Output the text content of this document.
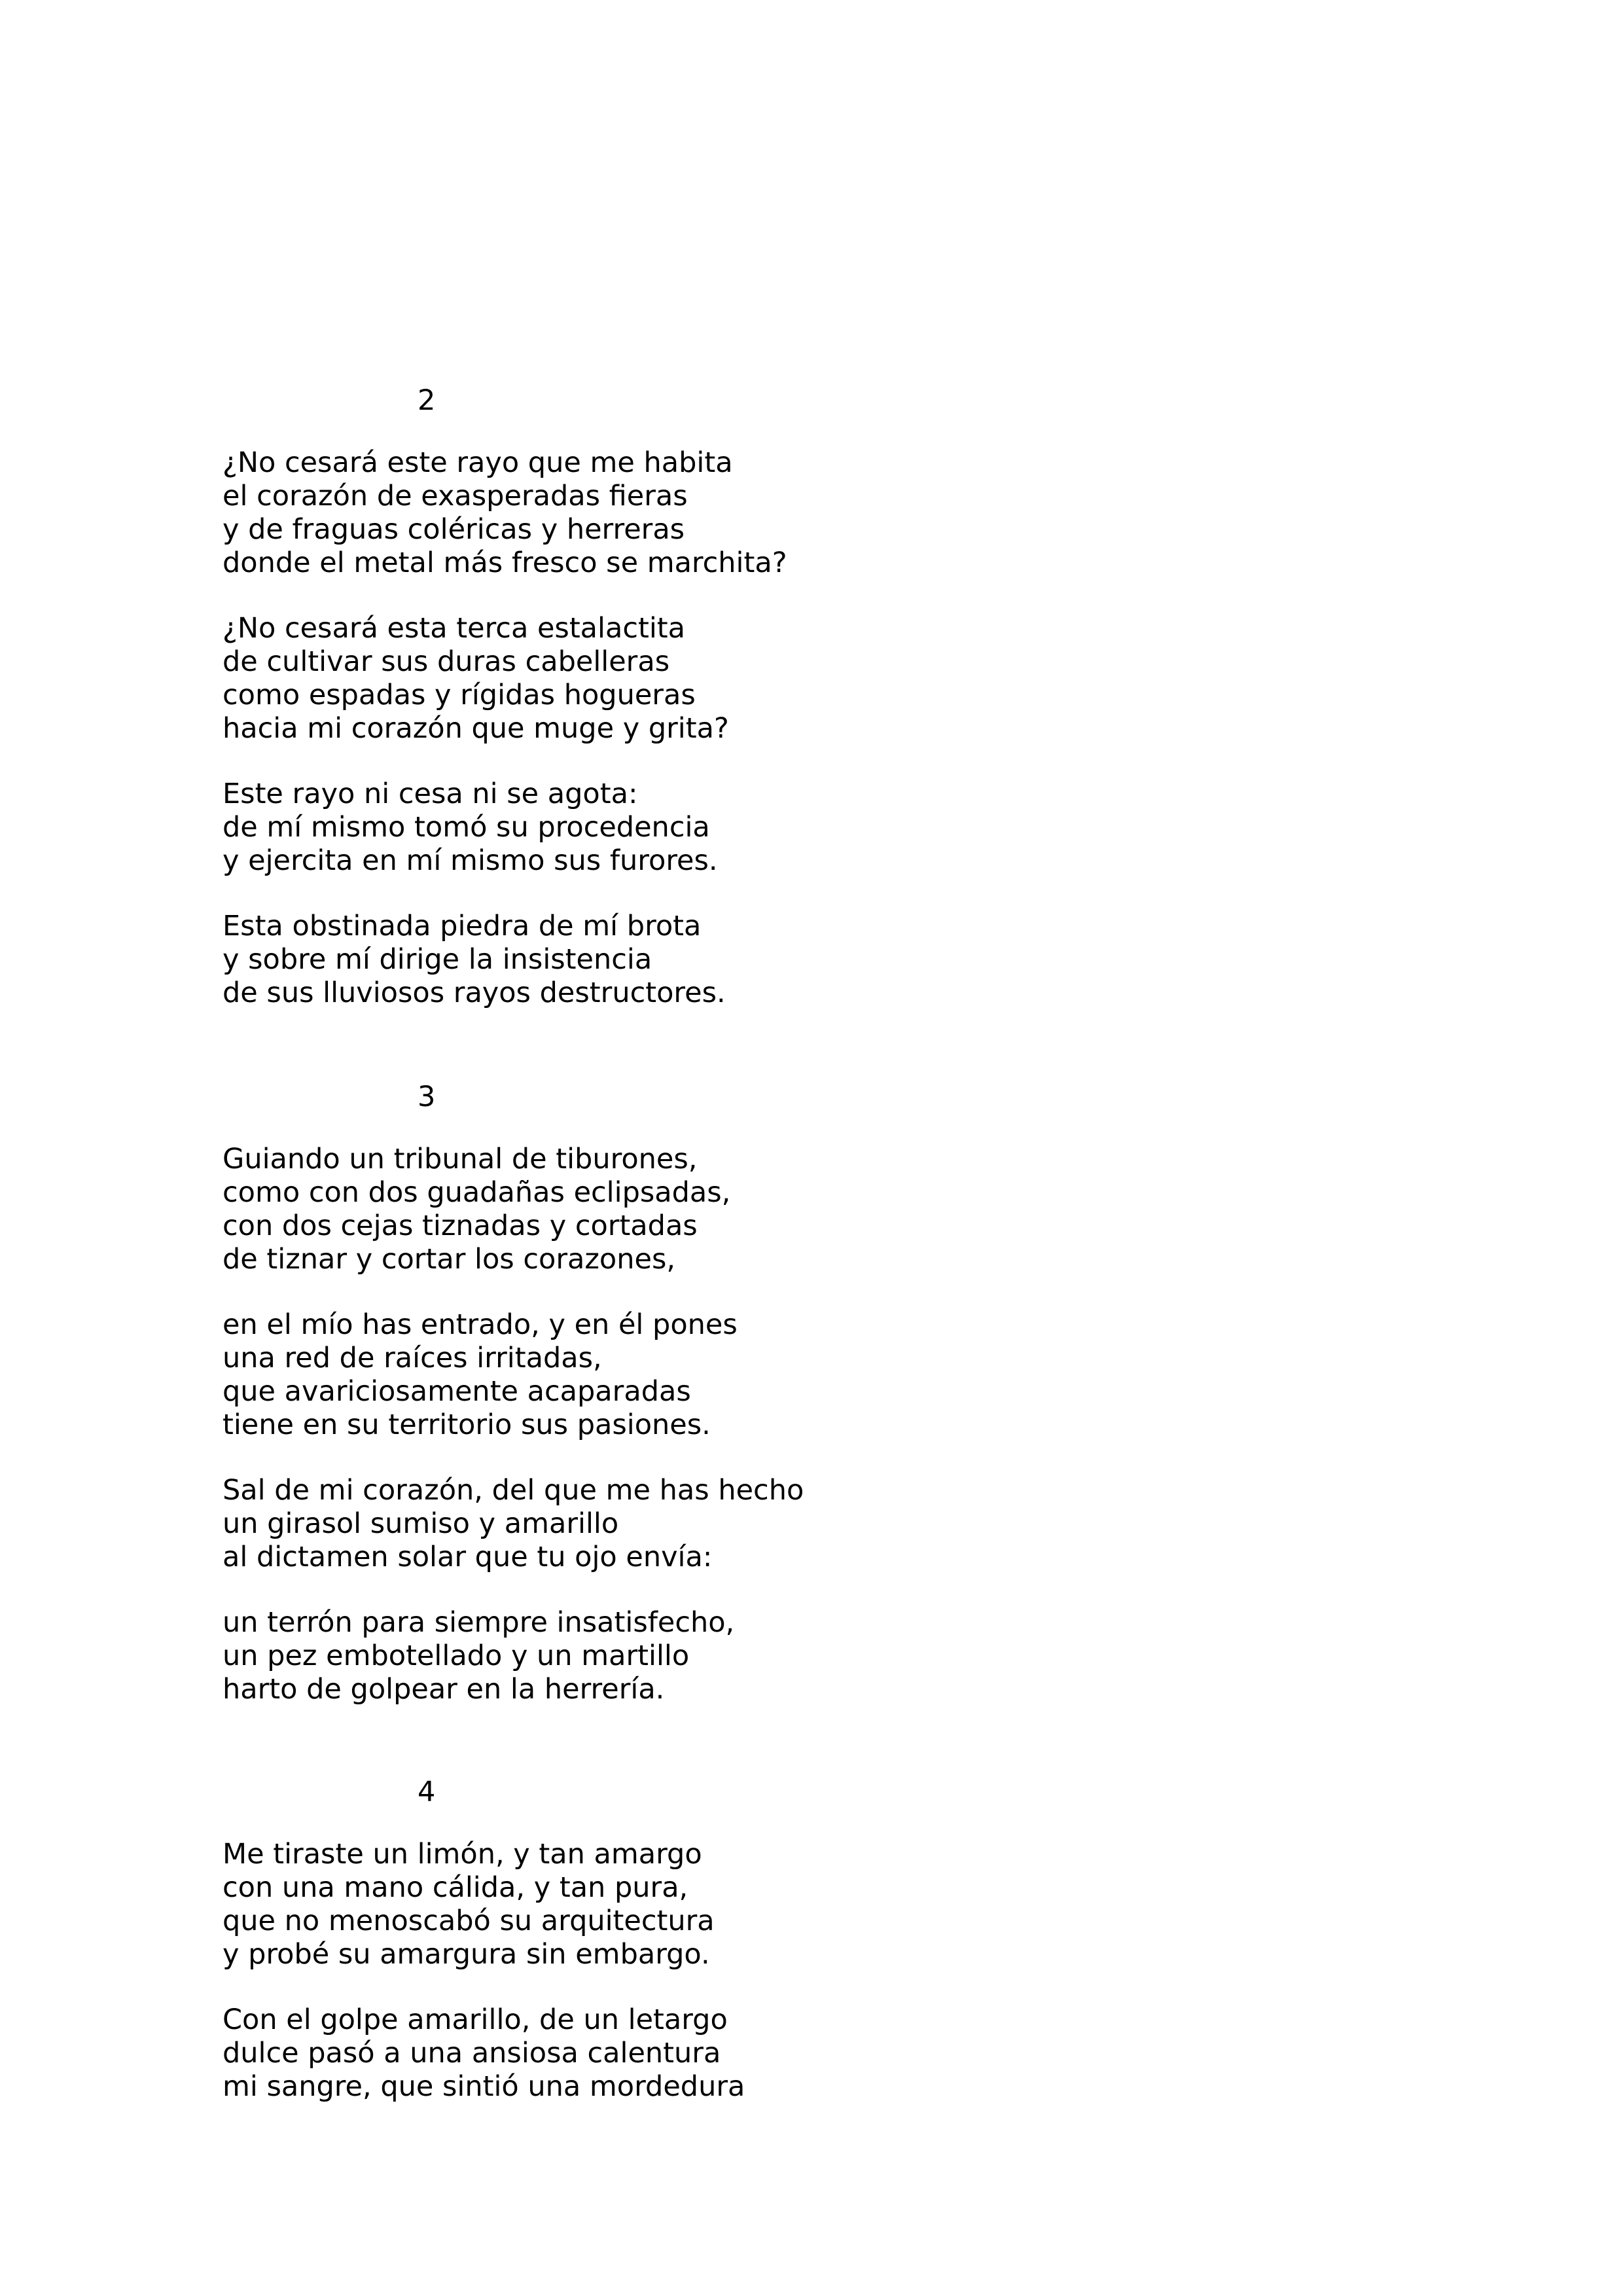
2
¿No cesará este rayo que me habita
el corazón de exasperadas fieras
y de fraguas coléricas y herreras
donde el metal más fresco se marchita?
¿No cesará esta terca estalactita
de cultivar sus duras cabelleras
como espadas y rígidas hogueras
hacia mi corazón que muge y grita?
Este rayo ni cesa ni se agota:
de mí mismo tomó su procedencia
y ejercita en mí mismo sus furores.
Esta obstinada piedra de mí brota
y sobre mí dirige la insistencia
de sus lluviosos rayos destructores.
3
Guiando un tribunal de tiburones,
como con dos guadañas eclipsadas,
con dos cejas tiznadas y cortadas
de tiznar y cortar los corazones,
en el mío has entrado, y en él pones
una red de raíces irritadas,
que avariciosamente acaparadas
tiene en su territorio sus pasiones.
Sal de mi corazón, del que me has hecho
un girasol sumiso y amarillo
al dictamen solar que tu ojo envía:
un terrón para siempre insatisfecho,
un pez embotellado y un martillo
harto de golpear en la herrería.
4
Me tiraste un limón, y tan amargo
con una mano cálida, y tan pura,
que no menoscabó su arquitectura
y probé su amargura sin embargo.
Con el golpe amarillo, de un letargo
dulce pasó a una ansiosa calentura
mi sangre, que sintió una mordedura
